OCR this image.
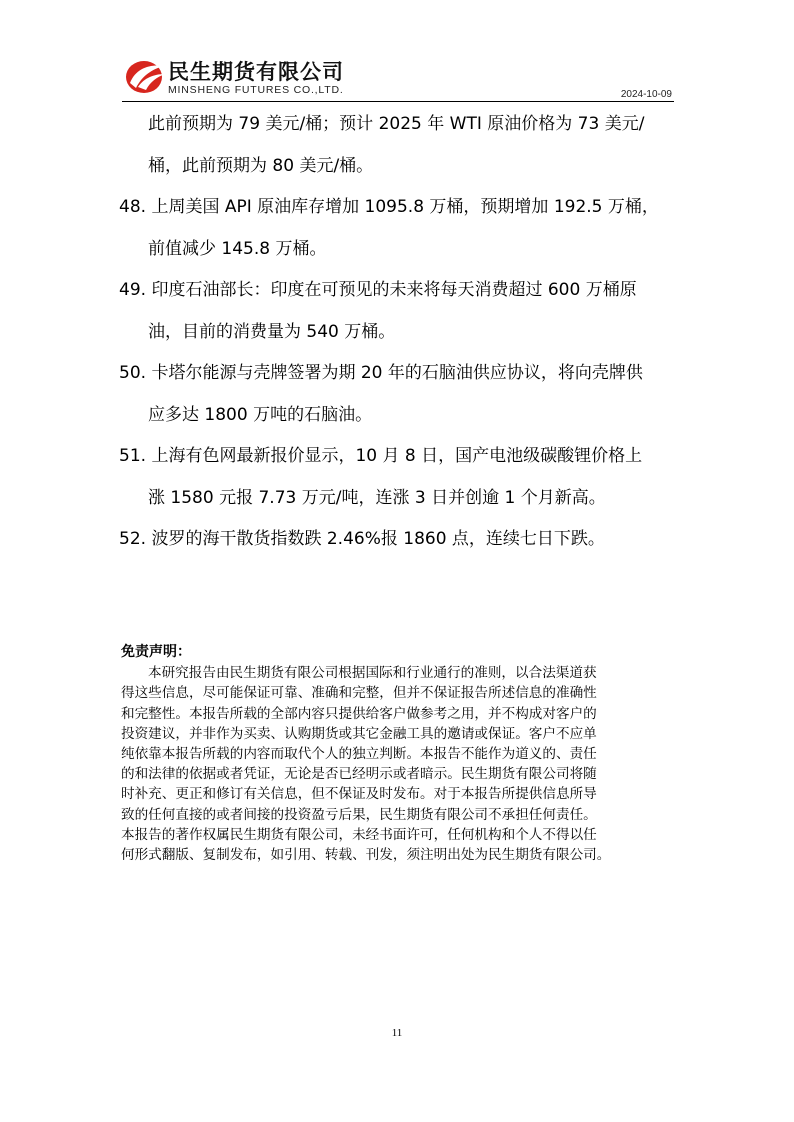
民生期货有限公司
MINSHENG FUTURES CO.,LTD.	2024-10-09
此前预期为 79 美元/桶；预计 2025 年 WTI 原油价格为 73 美元/
桶，此前预期为 80 美元/桶。
48. 上周美国 API 原油库存增加 1095.8 万桶，预期增加 192.5 万桶，
前值减少 145.8 万桶。
49. 印度石油部长：印度在可预见的未来将每天消费超过 600 万桶原
油，目前的消费量为 540 万桶。
50. 卡塔尔能源与壳牌签署为期 20 年的石脑油供应协议，将向壳牌供
应多达 1800 万吨的石脑油。
51. 上海有色网最新报价显示，10 月 8 日，国产电池级碳酸锂价格上
涨 1580 元报 7.73 万元/吨，连涨 3 日并创逾 1 个月新高。
52. 波罗的海干散货指数跌 2.46%报 1860 点，连续七日下跌。
免责声明：
本研究报告由民生期货有限公司根据国际和行业通行的准则，以合法渠道获
得这些信息，尽可能保证可靠、准确和完整，但并不保证报告所述信息的准确性
和完整性。本报告所载的全部内容只提供给客户做参考之用，并不构成对客户的
投资建议，并非作为买卖、认购期货或其它金融工具的邀请或保证。客户不应单
纯依靠本报告所载的内容而取代个人的独立判断。本报告不能作为道义的、责任
的和法律的依据或者凭证，无论是否已经明示或者暗示。民生期货有限公司将随
时补充、更正和修订有关信息，但不保证及时发布。对于本报告所提供信息所导
致的任何直接的或者间接的投资盈亏后果，民生期货有限公司不承担任何责任。
本报告的著作权属民生期货有限公司，未经书面许可，任何机构和个人不得以任
何形式翻版、复制发布，如引用、转载、刊发，须注明出处为民生期货有限公司。
11
